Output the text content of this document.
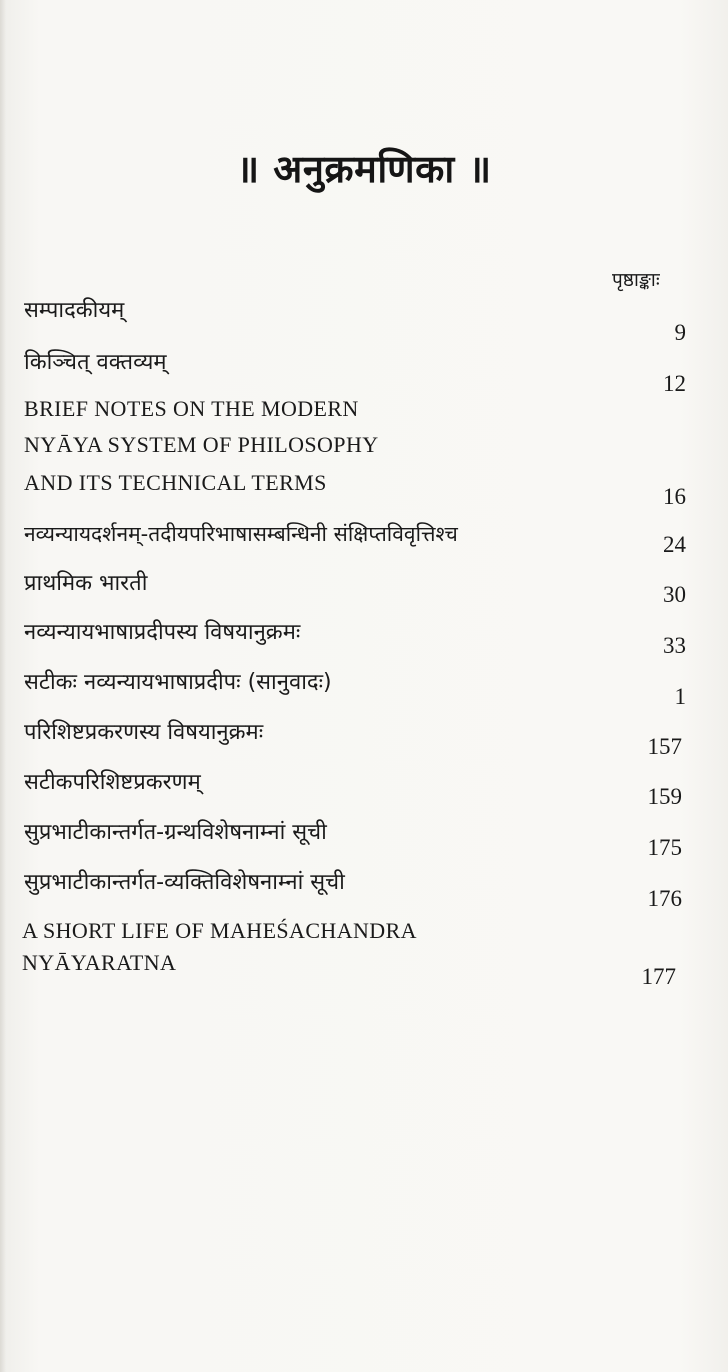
॥ अनुक्रमणिका ॥
पृष्ठाङ्काः
सम्पादकीयम्
9
किञ्चित् वक्तव्यम्
12
BRIEF NOTES ON THE MODERN
NYĀYA SYSTEM OF PHILOSOPHY
AND ITS TECHNICAL TERMS
16
नव्यन्यायदर्शनम्-तदीयपरिभाषासम्बन्धिनी संक्षिप्तविवृत्तिश्च	24
प्राथमिक भारती	30
नव्यन्यायभाषाप्रदीपस्य विषयानुक्रमः
33
सटीकः नव्यन्यायभाषाप्रदीपः (सानुवादः)
1
परिशिष्टप्रकरणस्य विषयानुक्रमः
157
सटीकपरिशिष्टप्रकरणम्
159
सुप्रभाटीकान्तर्गत-ग्रन्थविशेषनाम्नां सूची
175
सुप्रभाटीकान्तर्गत-व्यक्तिविशेषनाम्नां सूची
176
A SHORT LIFE OF MAHEŚACHANDRA
NYĀYARATNA
177
